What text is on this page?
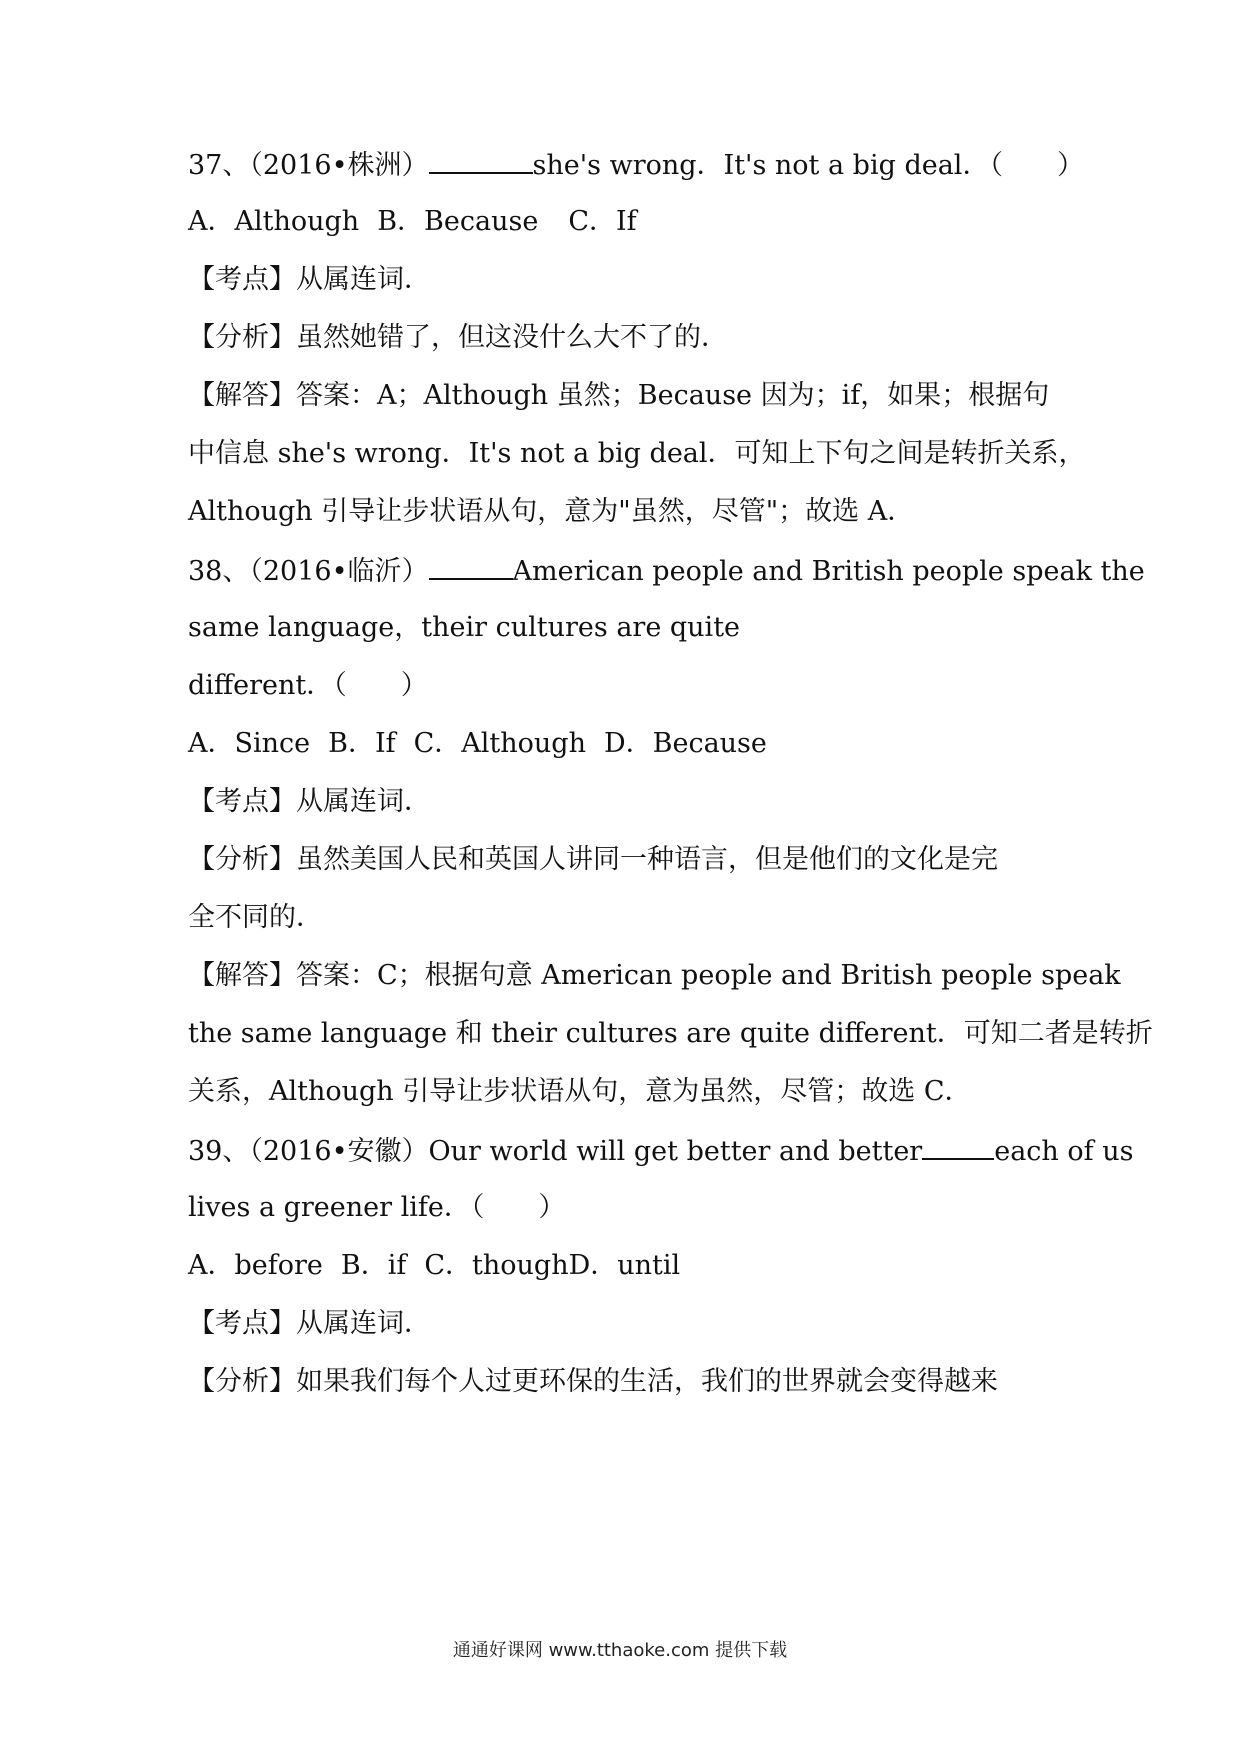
37、（2016•株洲）	she's wrong．It's not a big deal．（　　）
A．Although B．Because C．If
【考点】从属连词．
【分析】虽然她错了，但这没什么大不了的．
【解答】答案：A；Although 虽然；Because 因为；if，如果；根据句
中信息 she's wrong．It's not a big deal．可知上下句之间是转折关系，
Although 引导让步状语从句，意为"虽然，尽管"；故选 A．
38、（2016•临沂）	American people and British people speak the
same language，their cultures are quite
different．（　　）
A．Since B．If C．Although D．Because
【考点】从属连词．
【分析】虽然美国人民和英国人讲同一种语言，但是他们的文化是完
全不同的．
【解答】答案：C；根据句意 American people and British people speak
the same language 和 their cultures are quite different．可知二者是转折
关系，Although 引导让步状语从句，意为虽然，尽管；故选 C．
39、（2016•安徽）Our world will get better and better	each of us
lives a greener life．（　　）
A．before B．if C．thoughD．until
【考点】从属连词．
【分析】如果我们每个人过更环保的生活，我们的世界就会变得越来
通通好课网 www.tthaoke.com 提供下载
